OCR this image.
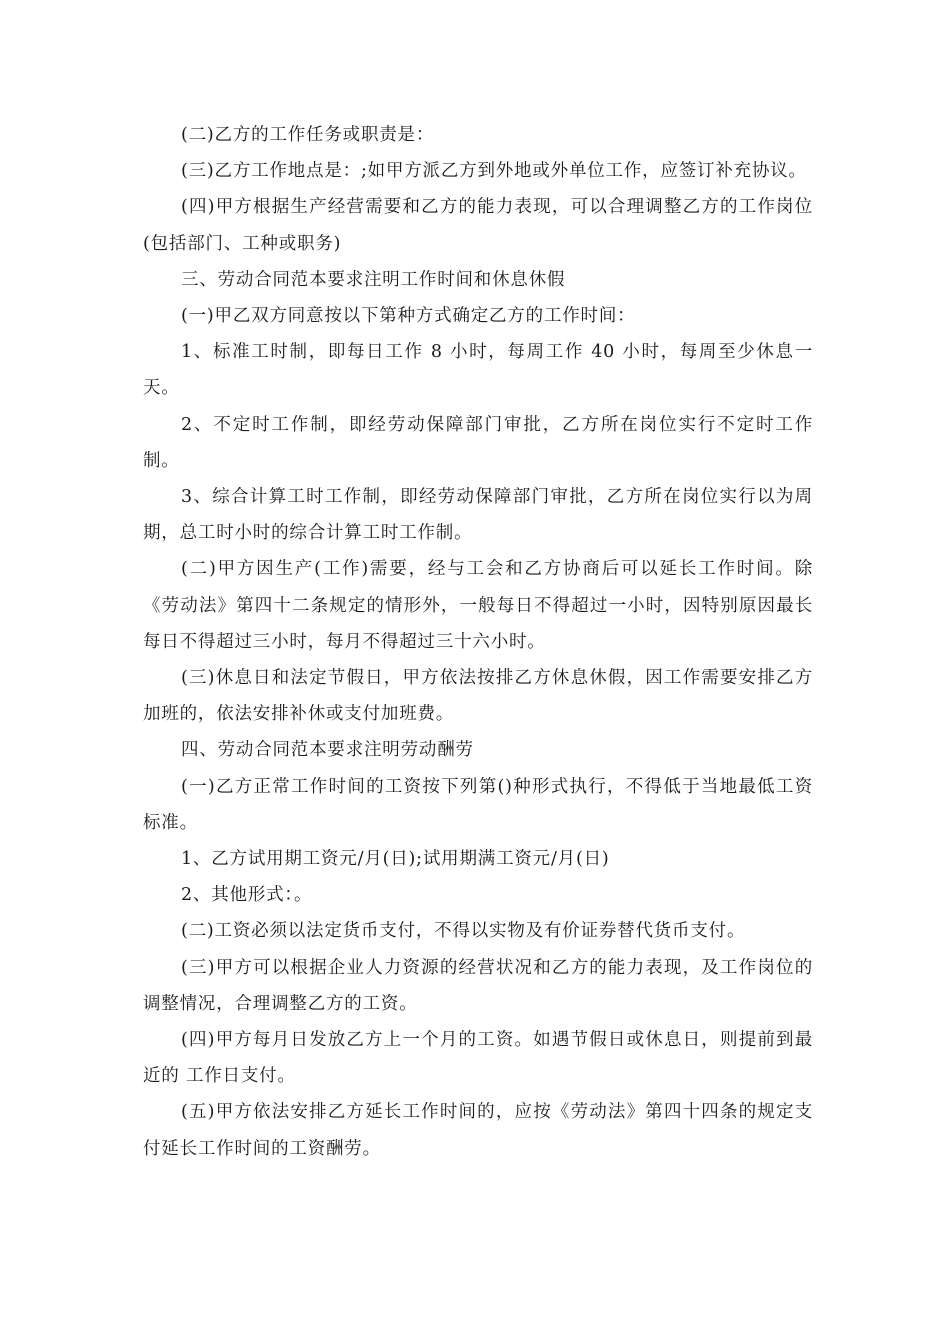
(二)乙方的工作任务或职责是：

(三)乙方工作地点是：;如甲方派乙方到外地或外单位工作，应签订补充协议。

(四)甲方根据生产经营需要和乙方的能力表现，可以合理调整乙方的工作岗位(包括部门、工种或职务)

三、劳动合同范本要求注明工作时间和休息休假

(一)甲乙双方同意按以下第种方式确定乙方的工作时间：

1、标准工时制，即每日工作 8 小时，每周工作 40 小时，每周至少休息一天。

2、不定时工作制，即经劳动保障部门审批，乙方所在岗位实行不定时工作制。

3、综合计算工时工作制，即经劳动保障部门审批，乙方所在岗位实行以为周期，总工时小时的综合计算工时工作制。

(二)甲方因生产(工作)需要，经与工会和乙方协商后可以延长工作时间。除《劳动法》第四十二条规定的情形外，一般每日不得超过一小时，因特别原因最长每日不得超过三小时，每月不得超过三十六小时。

(三)休息日和法定节假日，甲方依法按排乙方休息休假，因工作需要安排乙方加班的，依法安排补休或支付加班费。

四、劳动合同范本要求注明劳动酬劳

(一)乙方正常工作时间的工资按下列第()种形式执行，不得低于当地最低工资标准。

1、乙方试用期工资元/月(日);试用期满工资元/月(日)

2、其他形式：。

(二)工资必须以法定货币支付，不得以实物及有价证券替代货币支付。

(三)甲方可以根据企业人力资源的经营状况和乙方的能力表现，及工作岗位的调整情况，合理调整乙方的工资。

(四)甲方每月日发放乙方上一个月的工资。如遇节假日或休息日，则提前到最近的 工作日支付。

(五)甲方依法安排乙方延长工作时间的，应按《劳动法》第四十四条的规定支付延长工作时间的工资酬劳。
